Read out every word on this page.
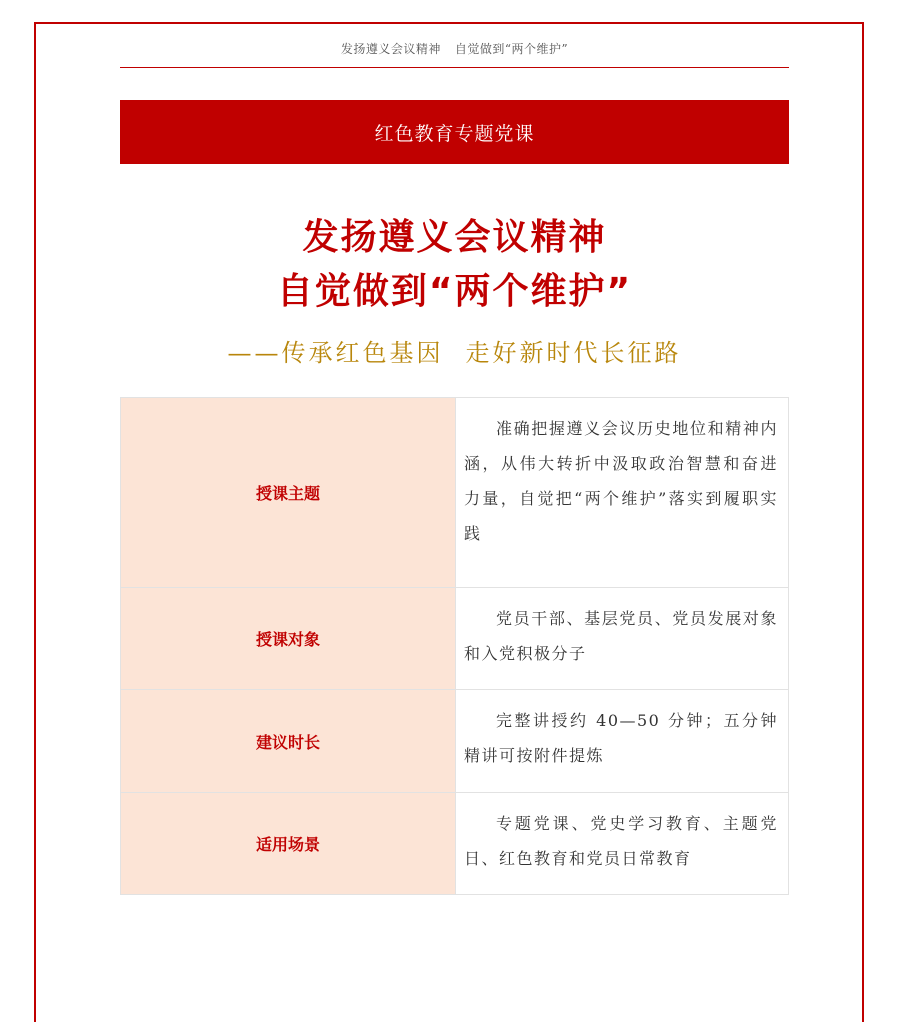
发扬遵义会议精神 自觉做到“两个维护”
红色教育专题党课
发扬遵义会议精神
自觉做到“两个维护”
——传承红色基因 走好新时代长征路
授课主题	准确把握遵义会议历史地位和精神内涵，从伟大转折中汲取政治智慧和奋进力量，自觉把“两个维护”落实到履职实践
授课对象	党员干部、基层党员、党员发展对象和入党积极分子
建议时长	完整讲授约 40—50 分钟；五分钟精讲可按附件提炼
适用场景	专题党课、党史学习教育、主题党日、红色教育和党员日常教育
